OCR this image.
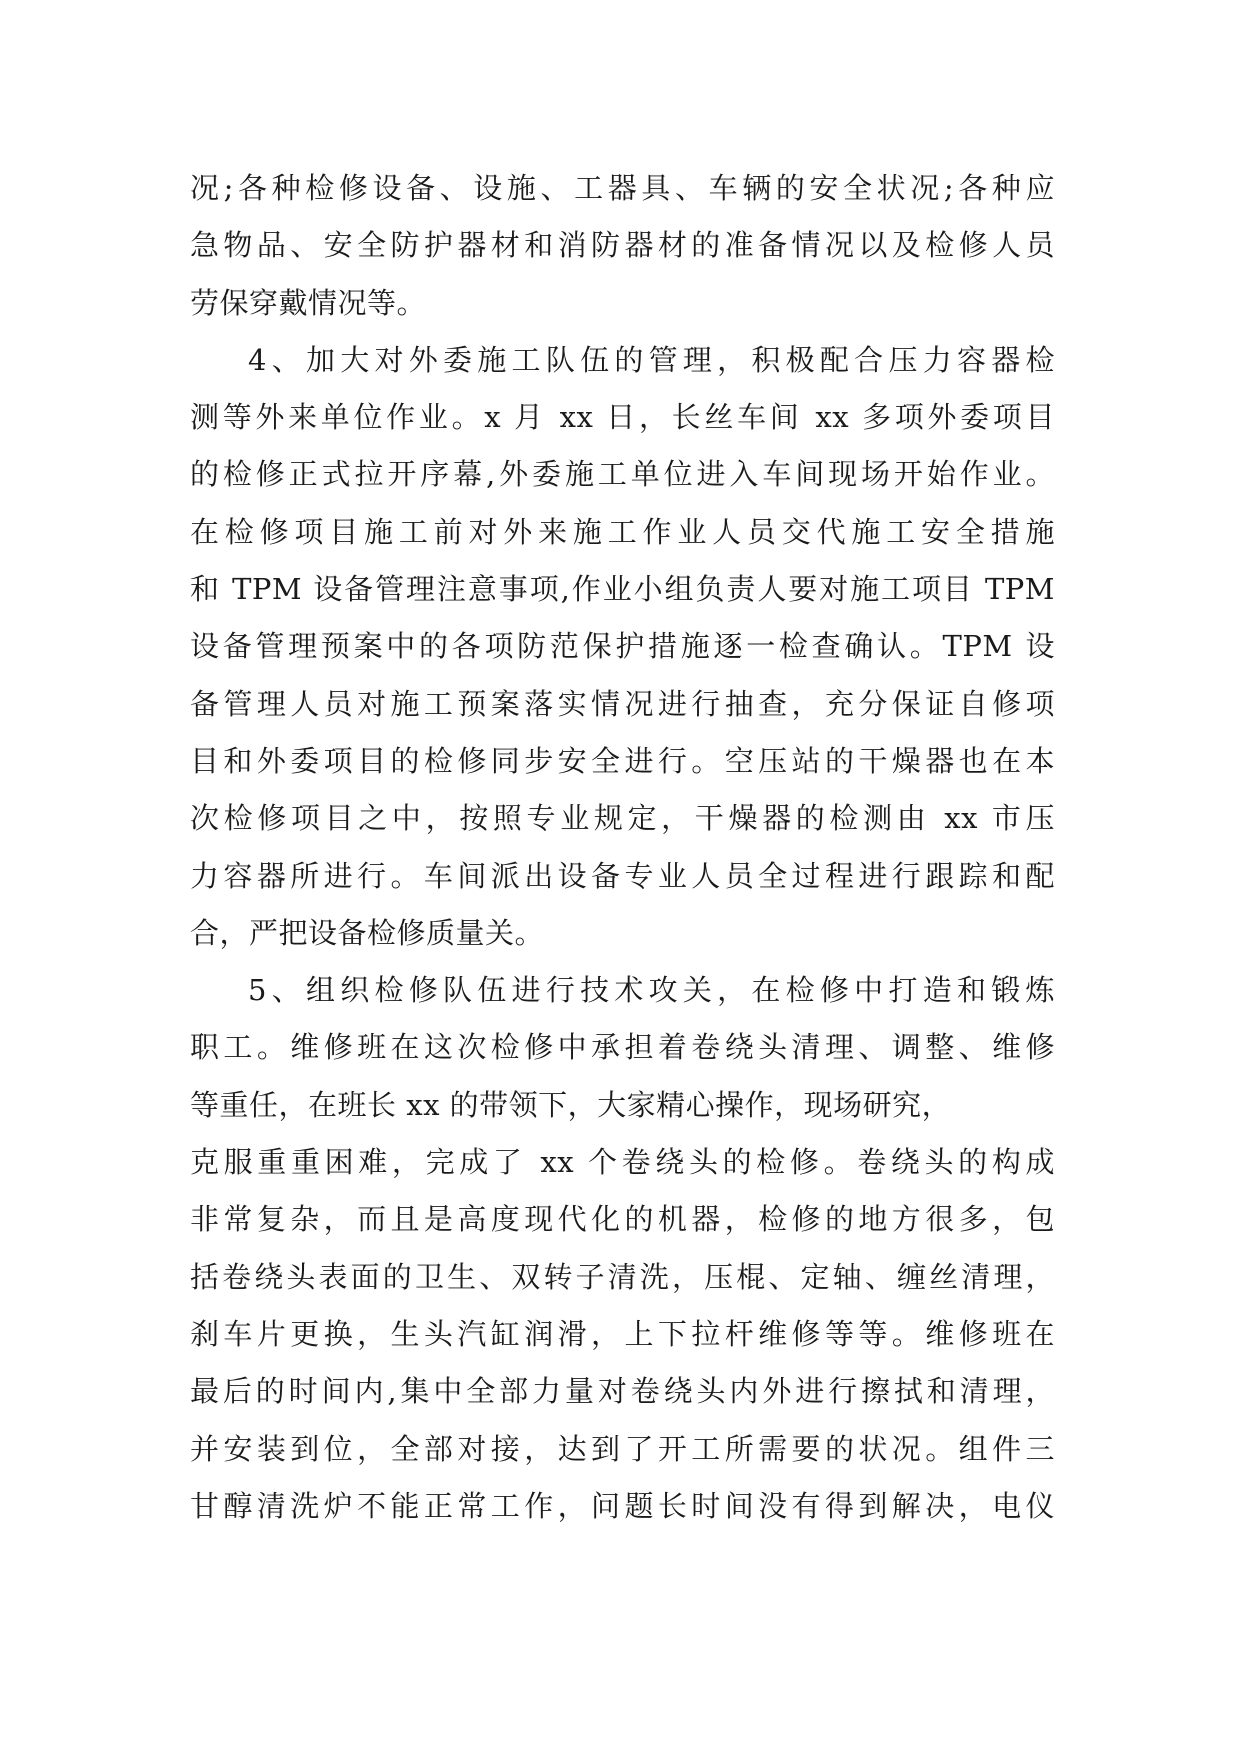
况;各种检修设备、设施、工器具、车辆的安全状况;各种应
急物品、安全防护器材和消防器材的准备情况以及检修人员
劳保穿戴情况等。
4、加大对外委施工队伍的管理，积极配合压力容器检
测等外来单位作业。x 月 xx 日，长丝车间 xx 多项外委项目
的检修正式拉开序幕,外委施工单位进入车间现场开始作业。
在检修项目施工前对外来施工作业人员交代施工安全措施
和 TPM 设备管理注意事项,作业小组负责人要对施工项目 TPM
设备管理预案中的各项防范保护措施逐一检查确认。TPM 设
备管理人员对施工预案落实情况进行抽查，充分保证自修项
目和外委项目的检修同步安全进行。空压站的干燥器也在本
次检修项目之中，按照专业规定，干燥器的检测由 xx 市压
力容器所进行。车间派出设备专业人员全过程进行跟踪和配
合，严把设备检修质量关。
5、组织检修队伍进行技术攻关，在检修中打造和锻炼
职工。维修班在这次检修中承担着卷绕头清理、调整、维修
等重任，在班长 xx 的带领下，大家精心操作，现场研究，
克服重重困难，完成了 xx 个卷绕头的检修。卷绕头的构成
非常复杂，而且是高度现代化的机器，检修的地方很多，包
括卷绕头表面的卫生、双转子清洗，压棍、定轴、缠丝清理，
刹车片更换，生头汽缸润滑，上下拉杆维修等等。维修班在
最后的时间内,集中全部力量对卷绕头内外进行擦拭和清理，
并安装到位，全部对接，达到了开工所需要的状况。组件三
甘醇清洗炉不能正常工作，问题长时间没有得到解决，电仪
